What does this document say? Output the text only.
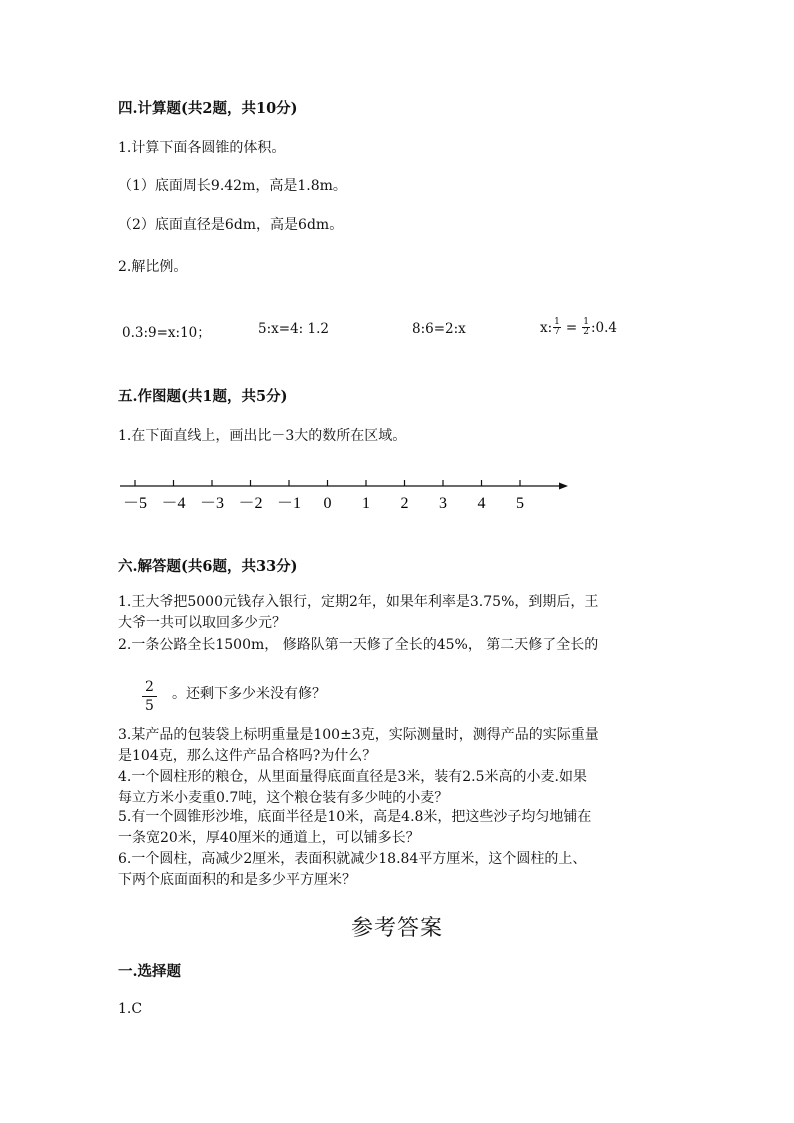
四.计算题(共2题，共10分)
1.计算下面各圆锥的体积。
（1）底面周长9.42m，高是1.8m。
（2）底面直径是6dm，高是6dm。
2.解比例。
0.3:9=x:10；	5:x=4: 1.2	8:6=2:x	x: $\frac{1}{7} = \frac{1}{2}$ :0.4
五.作图题(共1题，共5分)
1.在下面直线上，画出比－3大的数所在区域。
－5 －4 －3 －2 －1 0 1 2 3 4 5
六.解答题(共6题，共33分)
1.王大爷把5000元钱存入银行，定期2年，如果年利率是3.75%，到期后，王
大爷一共可以取回多少元？
2.一条公路全长1500m， 修路队第一天修了全长的45%， 第二天修了全长的
2
5
。还剩下多少米没有修？
3.某产品的包装袋上标明重量是100±3克，实际测量时，测得产品的实际重量
是104克，那么这件产品合格吗?为什么？
4.一个圆柱形的粮仓，从里面量得底面直径是3米，装有2.5米高的小麦.如果
每立方米小麦重0.7吨，这个粮仓装有多少吨的小麦？
5.有一个圆锥形沙堆，底面半径是10米，高是4.8米，把这些沙子均匀地铺在
一条宽20米，厚40厘米的通道上，可以铺多长？
6.一个圆柱，高减少2厘米，表面积就减少18.84平方厘米，这个圆柱的上、
下两个底面面积的和是多少平方厘米？
参考答案
一.选择题
1.C
